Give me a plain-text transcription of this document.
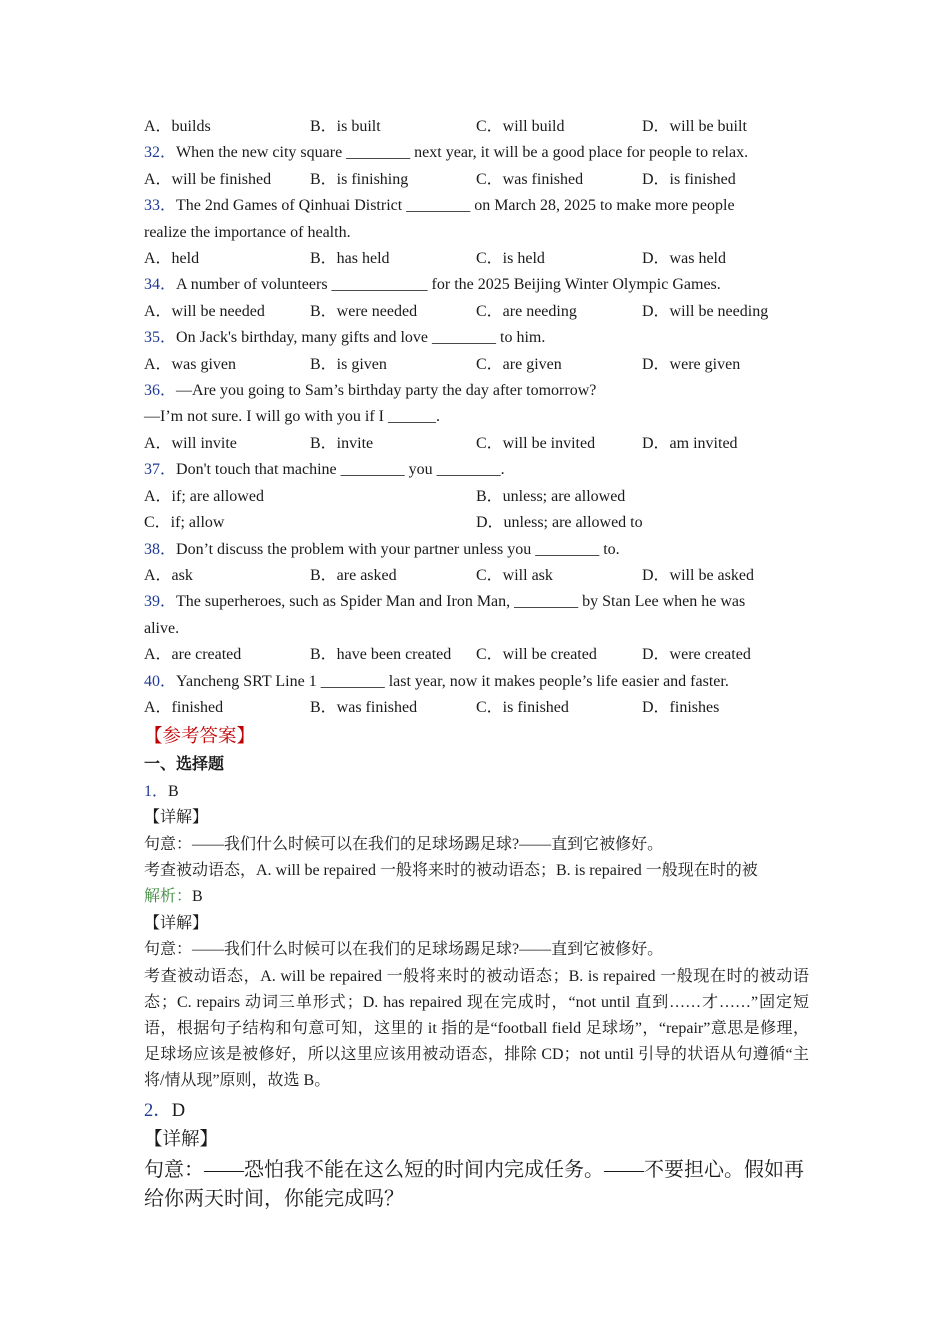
A．builds	B．is built	C．will build	D．will be built
32．When the new city square ________ next year, it will be a good place for people to relax.
A．will be finished	B．is finishing	C．was finished	D．is finished
33．The 2nd Games of Qinhuai District ________ on March 28, 2025 to make more people
realize the importance of health.
A．held	B．has held	C．is held	D．was held
34．A number of volunteers ____________ for the 2025 Beijing Winter Olympic Games.
A．will be needed	B．were needed	C．are needing	D．will be needing
35．On Jack's birthday, many gifts and love ________ to him.
A．was given	B．is given	C．are given	D．were given
36．—Are you going to Sam’s birthday party the day after tomorrow?
—I’m not sure. I will go with you if I ______.
A．will invite	B．invite	C．will be invited	D．am invited
37．Don't touch that machine ________ you ________.
A．if; are allowed	B．unless; are allowed
C．if; allow	D．unless; are allowed to
38．Don’t discuss the problem with your partner unless you ________ to.
A．ask	B．are asked	C．will ask	D．will be asked
39．The superheroes, such as Spider Man and Iron Man, ________ by Stan Lee when he was
alive.
A．are created	B．have been created	C．will be created	D．were created
40．Yancheng SRT Line 1 ________ last year, now it makes people’s life easier and faster.
A．finished	B．was finished	C．is finished	D．finishes
【参考答案】
一、选择题
1．B
【详解】
句意：——我们什么时候可以在我们的足球场踢足球?——直到它被修好。
考查被动语态，A. will be repaired 一般将来时的被动语态；B. is repaired 一般现在时的被
解析：B
【详解】
句意：——我们什么时候可以在我们的足球场踢足球?——直到它被修好。
考查被动语态，A. will be repaired 一般将来时的被动语态；B. is repaired 一般现在时的被动语态；C. repairs 动词三单形式；D. has repaired 现在完成时，“not until 直到……才……”固定短语，根据句子结构和句意可知，这里的 it 指的是“football field 足球场”，“repair”意思是修理，足球场应该是被修好，所以这里应该用被动语态，排除 CD；not until 引导的状语从句遵循“主将/情从现”原则，故选 B。
2．D
【详解】
句意：——恐怕我不能在这么短的时间内完成任务。——不要担心。假如再给你两天时间，你能完成吗？
